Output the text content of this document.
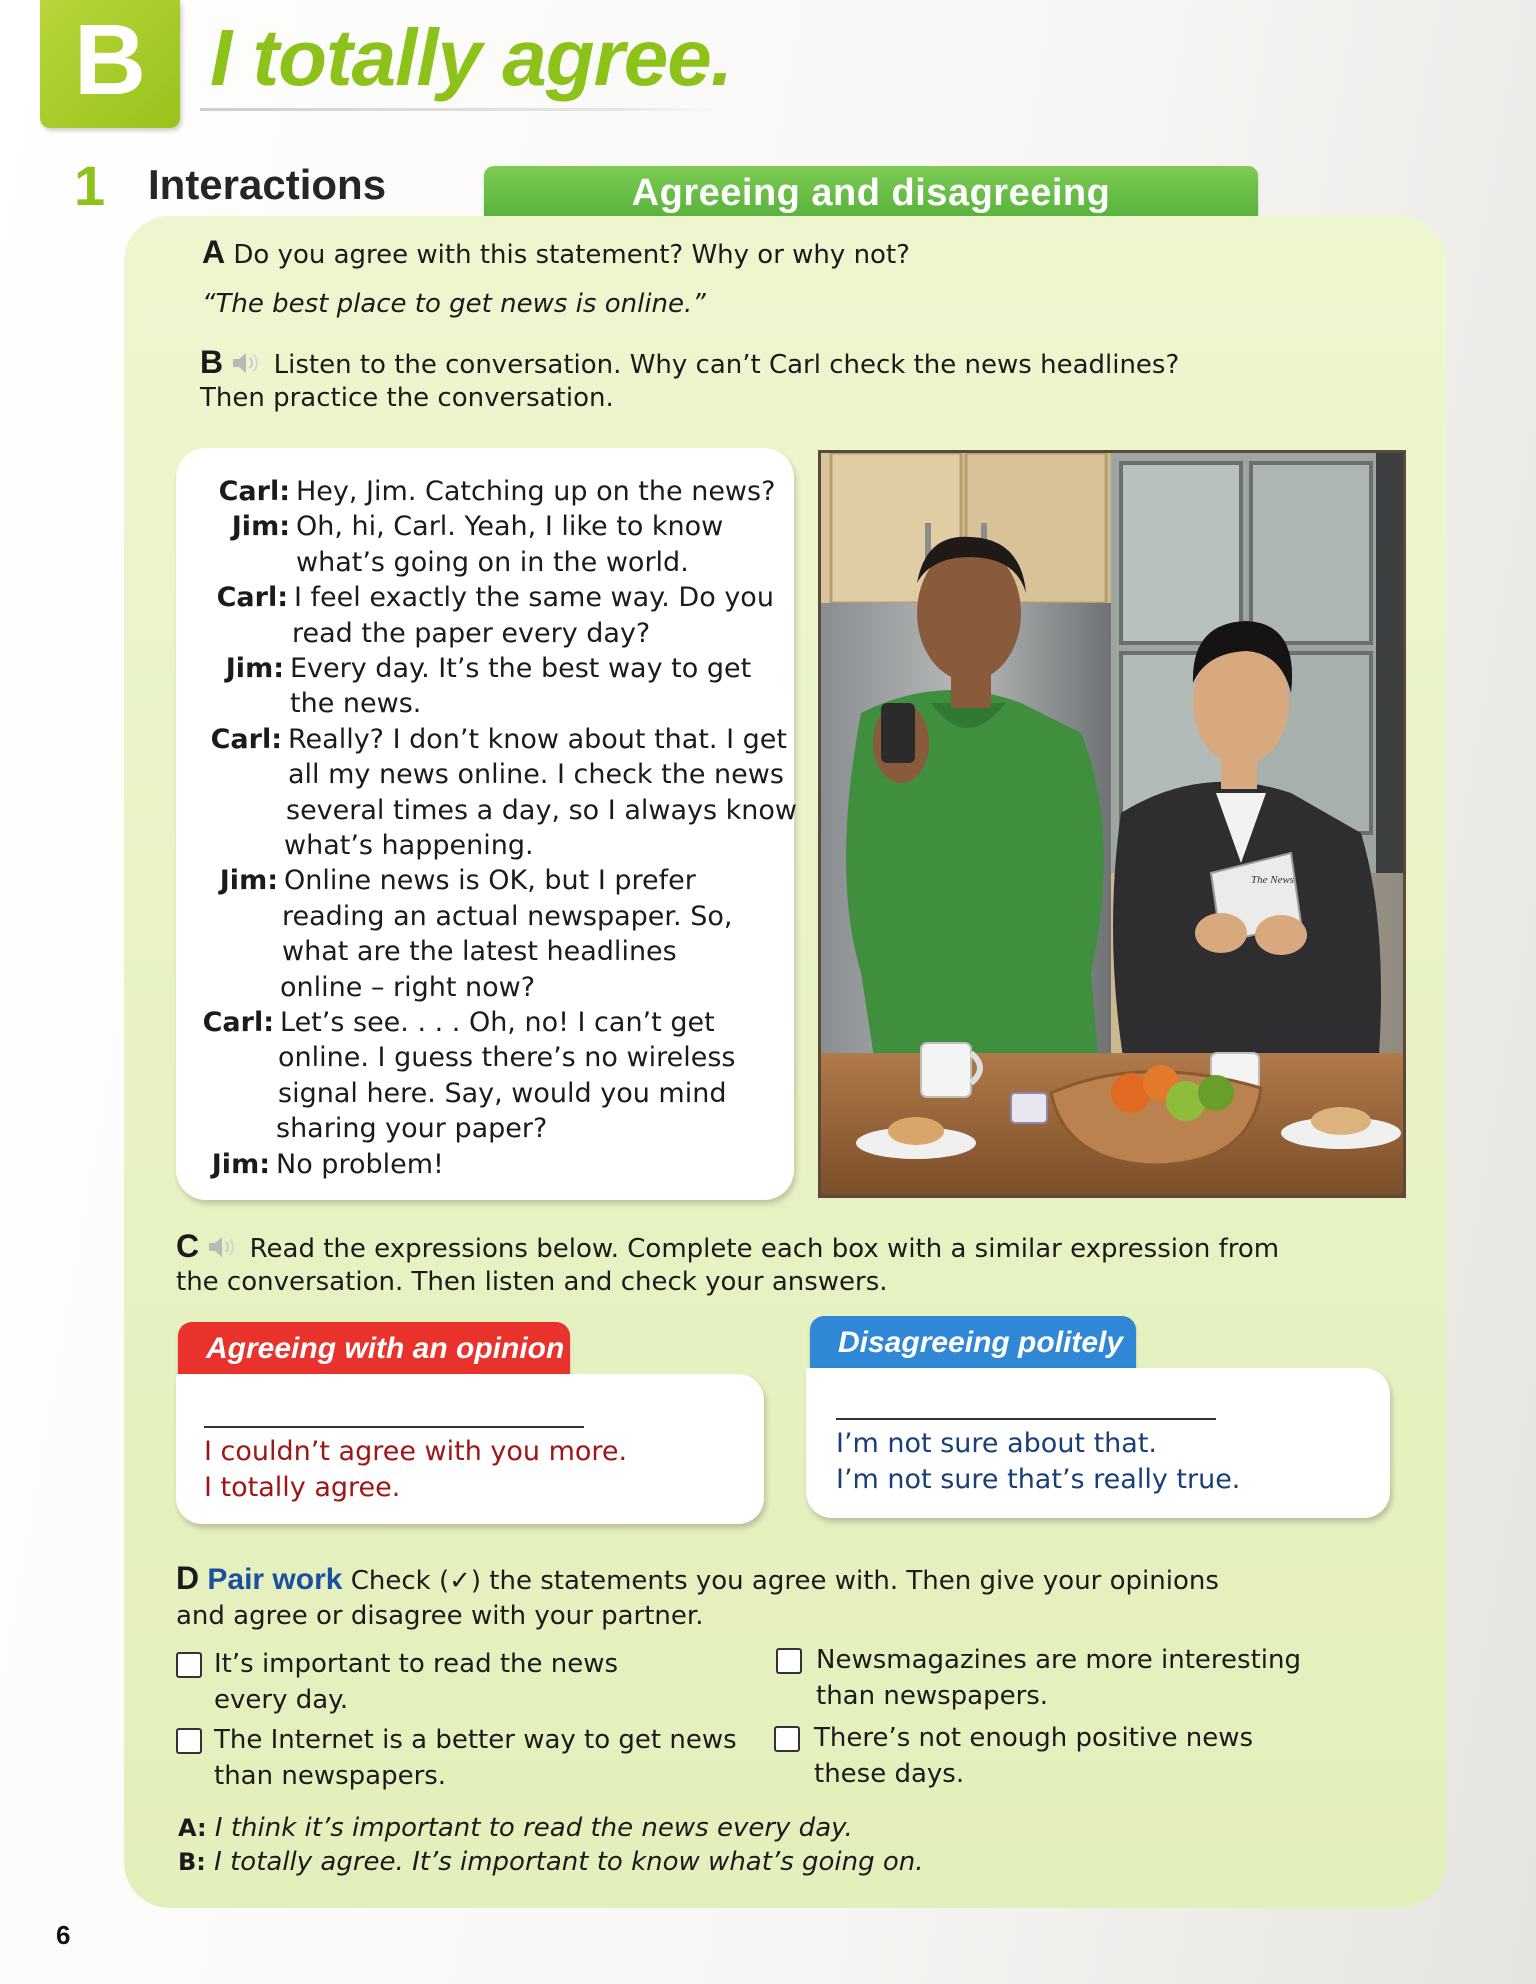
B I totally agree.
1 Interactions	Agreeing and disagreeing
A Do you agree with this statement? Why or why not?
“The best place to get news is online.”
B Listen to the conversation. Why can’t Carl check the news headlines?
Then practice the conversation.
Carl: Hey, Jim. Catching up on the news?
Jim: Oh, hi, Carl. Yeah, I like to know
what’s going on in the world.
Carl: I feel exactly the same way. Do you
read the paper every day?
Jim: Every day. It’s the best way to get
the news.
Carl: Really? I don’t know about that. I get
all my news online. I check the news
several times a day, so I always know
what’s happening.
Jim: Online news is OK, but I prefer
reading an actual newspaper. So,
what are the latest headlines
online – right now?
Carl: Let’s see. . . . Oh, no! I can’t get
online. I guess there’s no wireless
signal here. Say, would you mind
sharing your paper?
Jim: No problem!
The News
C Read the expressions below. Complete each box with a similar expression from
the conversation. Then listen and check your answers.
Agreeing with an opinion
I couldn’t agree with you more.
I totally agree.
Disagreeing politely
I’m not sure about that.
I’m not sure that’s really true.
D Pair work Check (✓) the statements you agree with. Then give your opinions
and agree or disagree with your partner.
It’s important to read the news
every day.
The Internet is a better way to get news
than newspapers.
Newsmagazines are more interesting
than newspapers.
There’s not enough positive news
these days.
A: I think it’s important to read the news every day.
B: I totally agree. It’s important to know what’s going on.
6
